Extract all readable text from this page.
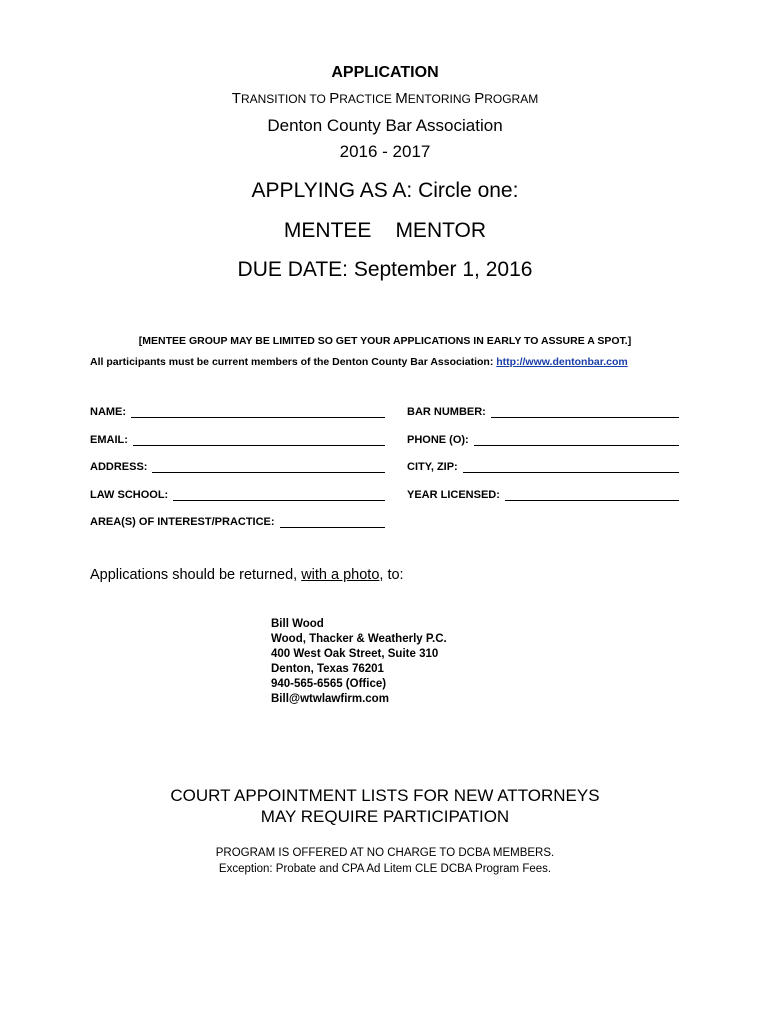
APPLICATION
TRANSITION TO PRACTICE MENTORING PROGRAM
Denton County Bar Association
2016 - 2017
APPLYING AS A: Circle one:
MENTEE MENTOR
DUE DATE: September 1, 2016
[MENTEE GROUP MAY BE LIMITED SO GET YOUR APPLICATIONS IN EARLY TO ASSURE A SPOT.]
All participants must be current members of the Denton County Bar Association: http://www.dentonbar.com
NAME:	BAR NUMBER:
EMAIL:	PHONE (O):
ADDRESS:	CITY, ZIP:
LAW SCHOOL:	YEAR LICENSED:
AREA(S) OF INTEREST/PRACTICE:
Applications should be returned, with a photo, to:
Bill Wood
Wood, Thacker & Weatherly P.C.
400 West Oak Street, Suite 310
Denton, Texas 76201
940-565-6565 (Office)
Bill@wtwlawfirm.com
COURT APPOINTMENT LISTS FOR NEW ATTORNEYS
MAY REQUIRE PARTICIPATION
PROGRAM IS OFFERED AT NO CHARGE TO DCBA MEMBERS.
Exception: Probate and CPA Ad Litem CLE DCBA Program Fees.
